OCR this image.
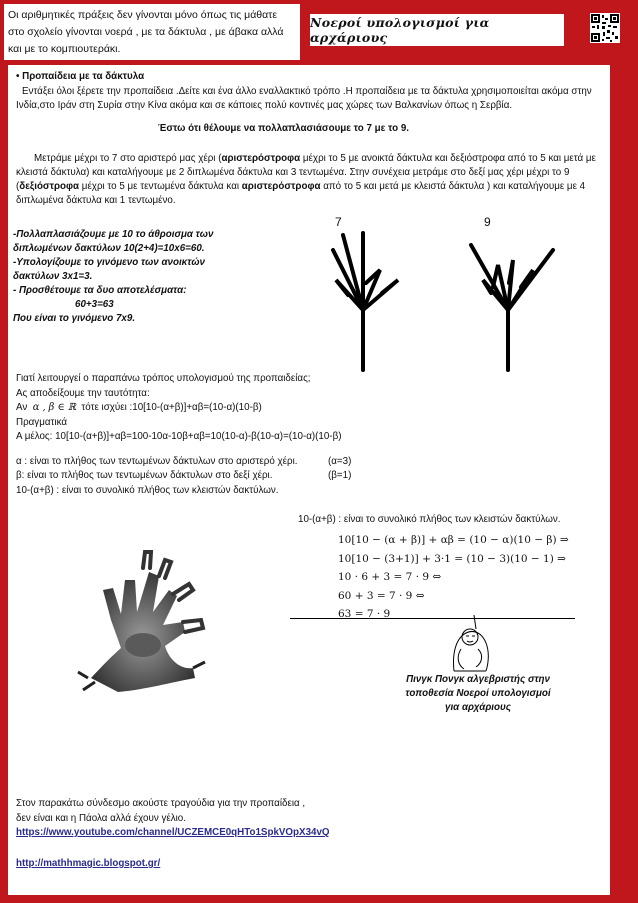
Οι αριθμητικές πράξεις δεν γίνονται μόνο όπως τις μάθατε στο σχολείο γίνονται νοερά , με τα δάκτυλα , με άβακα αλλά και με το κομπιουτεράκι.
Νοεροί υπολογισμοί για αρχάριους
• Προπαίδεια με τα δάκτυλα
Εντάξει όλοι ξέρετε την προπαίδεια .Δείτε και ένα άλλο εναλλακτικό τρόπο .Η προπαίδεια με τα δάκτυλα χρησιμοποιείται ακόμα στην Ινδία,στο Ιράν στη Συρία στην Κίνα ακόμα και σε κάποιες πολύ κοντινές μας χώρες των Βαλκανίων όπως η Σερβία.
Έστω ότι θέλουμε να πολλαπλασιάσουμε το 7 με το 9.
Μετράμε μέχρι το 7 στο αριστερό μας χέρι (αριστερόστροφα μέχρι το 5 με ανοικτά δάκτυλα και δεξιόστροφα από το 5 και μετά με κλειστά δάκτυλα) και καταλήγουμε με 2 διπλωμένα δάκτυλα και 3 τεντωμένα. Στην συνέχεια μετράμε στο δεξί μας χέρι μέχρι το 9 (δεξιόστροφα μέχρι το 5 με τεντωμένα δάκτυλα και αριστερόστροφα από το 5 και μετά με κλειστά δάκτυλα ) και καταλήγουμε με 4 διπλωμένα δάκτυλα και 1 τεντωμένο.
-Πολλαπλασιάζουμε με 10 το άθροισμα των
διπλωμένων δακτύλων 10(2+4)=10x6=60.
-Υπολογίζουμε το γινόμενο των ανοικτών
δακτύλων 3x1=3.
- Προσθέτουμε τα δυο αποτελέσματα:
60+3=63
Που είναι το γινόμενο 7x9.
7	9
Γιατί λειτουργεί ο παραπάνω τρόπος υπολογισμού της προπαιδείας;
Ας αποδείξουμε την ταυτότητα:
Αν α , β ∈ ℝ τότε ισχύει :10[10-(α+β)]+αβ=(10-α)(10-β)
Πραγματικά
Α μέλος: 10[10-(α+β)]+αβ=100-10α-10β+αβ=10(10-α)-β(10-α)=(10-α)(10-β)
α : είναι το πλήθος των τεντωμένων δάκτυλων στο αριστερό χέρι.	(α=3)
β: είναι το πλήθος των τεντωμένων δάκτυλων στο δεξί χέρι.	(β=1)
10-(α+β) : είναι το συνολικό πλήθος των κλειστών δακτύλων.
10-(α+β) : είναι το συνολικό πλήθος των κλειστών δακτύλων.
10[10 − (α + β)] + αβ = (10 − α)(10 − β) ⇒
10[10 − (3+1)] + 3·1 = (10 − 3)(10 − 1) ⇒
10 · 6 + 3 = 7 · 9 ⇔
60 + 3 = 7 · 9 ⇔
63 = 7 · 9
Πινγκ Πονγκ αλγεβριστής στην
τοποθεσία Νοεροί υπολογισμοί
για αρχάριους
Στον παρακάτω σύνδεσμο ακούστε τραγούδια για την προπαίδεια ,
δεν είναι και η Πάολα αλλά έχουν γέλιο.
https://www.youtube.com/channel/UCZEMCE0qHTo1SpkVOpX34vQ
http://mathhmagic.blogspot.gr/
